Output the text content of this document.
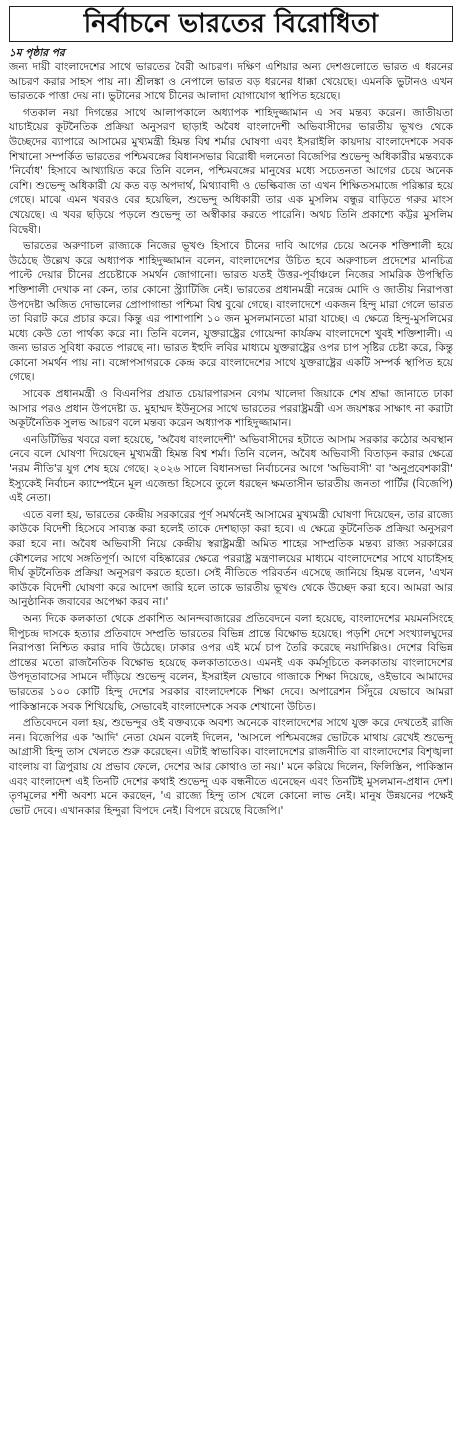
নির্বাচনে ভারতের বিরোধিতা
১ম পৃষ্ঠার পর

জন্য দায়ী বাংলাদেশের সাথে ভারতের বৈরী আচরণ। দক্ষিণ এশিয়ার অন্য দেশগুলোতে ভারত এ ধরনের আচরণ করার সাহস পায় না। শ্রীলঙ্কা ও নেপালে ভারত বড় ধরনের ধাক্কা খেয়েছে। এমনকি ভুটানও এখন ভারতকে পাত্তা দেয় না। ভুটানের সাথে চীনের আলাদা যোগাযোগ স্থাপিত হয়েছে।

গতকাল নয়া দিগন্তের সাথে আলাপকালে অধ্যাপক শাহিদুজ্জামান এ সব মন্তব্য করেন। জাতীয়তা যাচাইয়ের কূটনৈতিক প্রক্রিয়া অনুসরণ ছাড়াই অবৈধ বাংলাদেশী অভিবাসীদের ভারতীয় ভূখণ্ড থেকে উচ্ছেদের ব্যাপারে আসামের মুখ্যমন্ত্রী হিমন্ত বিশ্ব শর্মার ঘোষণা এবং ইসরাইলি কায়দায় বাংলাদেশকে সবক শিখানো সম্পর্কিত ভারতের পশ্চিমবঙ্গের বিধানসভার বিরোধী দলনেতা বিজেপির শুভেন্দু অধিকারীর মন্তব্যকে 'নির্বোধ' হিসাবে আখ্যায়িত করে তিনি বলেন, পশ্চিমবঙ্গের মানুষের মধ্যে সচেতনতা আগের চেয়ে অনেক বেশি। শুভেন্দু অধিকারী যে কত বড় অপদার্থ, মিথ্যাবাদী ও ভেল্কিবাজ তা এখন শিক্ষিতসমাজে পরিষ্কার হয়ে গেছে। মাঝে এমন খবরও বের হয়েছিল, শুভেন্দু অধিকারী তার এক মুসলিম বন্ধুর বাড়িতে গরুর মাংস খেয়েছে। এ খবর ছড়িয়ে পড়লে শুভেন্দু তা অস্বীকার করতে পারেনি। অথচ তিনি প্রকাশ্যে কট্টর মুসলিম বিদ্বেষী।

ভারতের অরুণাচল রাজ্যকে নিজের ভূখণ্ড হিসাবে চীনের দাবি আগের চেয়ে অনেক শক্তিশালী হয়ে উঠেছে উল্লেখ করে অধ্যাপক শাহিদুজ্জামান বলেন, বাংলাদেশের উচিত হবে অরুণাচল প্রদেশের মানচিত্র পাল্টে দেয়ার চীনের প্রচেষ্টাকে সমর্থন জোগানো। ভারত যতই উত্তর-পূর্বাঞ্চলে নিজের সামরিক উপস্থিতি শক্তিশালী দেখাক না কেন, তার কোনো স্ট্র্যাটিজি নেই। ভারতের প্রধানমন্ত্রী নরেন্দ্র মোদি ও জাতীয় নিরাপত্তা উপদেষ্টা অজিত দোভালের প্রোপাগান্ডা পশ্চিমা বিশ্ব বুঝে গেছে। বাংলাদেশে একজন হিন্দু মারা গেলে ভারত তা বিরাট করে প্রচার করে। কিন্তু এর পাশাপাশি ১০ জন মুসলমানতো মারা যাচ্ছে। এ ক্ষেত্রে হিন্দু-মুসলিমের মধ্যে কেউ তো পার্থক্য করে না। তিনি বলেন, যুক্তরাষ্ট্রের গোয়েন্দা কার্যক্রম বাংলাদেশে খুবই শক্তিশালী। এ জন্য ভারত সুবিধা করতে পারছে না। ভারত ইহুদি লবির মাধ্যমে যুক্তরাষ্ট্রের ওপর চাপ সৃষ্টির চেষ্টা করে, কিন্তু কোনো সমর্থন পায় না। বঙ্গোপসাগরকে কেন্দ্র করে বাংলাদেশের সাথে যুক্তরাষ্ট্রের একটি সম্পর্ক স্থাপিত হয়ে গেছে।

সাবেক প্রধানমন্ত্রী ও বিএনপির প্রয়াত চেয়ারপারসন বেগম খালেদা জিয়াকে শেষ শ্রদ্ধা জানাতে ঢাকা আসার পরও প্রধান উপদেষ্টা ড. মুহাম্মদ ইউনূসের সাথে ভারতের পররাষ্ট্রমন্ত্রী এস জয়শঙ্কর সাক্ষাৎ না করাটা অকূটনৈতিক সুলভ আচরণ বলে মন্তব্য করেন অধ্যাপক শাহিদুজ্জামান।

এনডিটিভির খবরে বলা হয়েছে, 'অবৈধ বাংলাদেশী' অভিবাসীদের হটাতে আসাম সরকার কঠোর অবস্থান নেবে বলে ঘোষণা দিয়েছেন মুখ্যমন্ত্রী হিমন্ত বিশ্ব শর্মা। তিনি বলেন, অবৈধ অভিবাসী বিতাড়ন করার ক্ষেত্রে 'নরম নীতি'র যুগ শেষ হয়ে গেছে। ২০২৬ সালে বিধানসভা নির্বাচনের আগে 'অভিবাসী' বা 'অনুপ্রবেশকারী' ইস্যুকেই নির্বাচন ক্যাম্পেইনে মূল এজেন্ডা হিসেবে তুলে ধরছেন ক্ষমতাসীন ভারতীয় জনতা পার্টির (বিজেপি) এই নেতা।

এতে বলা হয়, ভারতের কেন্দ্রীয় সরকারের পূর্ণ সমর্থনেই আসামের মুখ্যমন্ত্রী ঘোষণা দিয়েছেন, তার রাজ্যে কাউকে বিদেশী হিসেবে সাব্যস্ত করা হলেই তাকে দেশছাড়া করা হবে। এ ক্ষেত্রে কূটনৈতিক প্রক্রিয়া অনুসরণ করা হবে না। অবৈধ অভিবাসী নিয়ে কেন্দ্রীয় স্বরাষ্ট্রমন্ত্রী অমিত শাহের সাম্প্রতিক মন্তব্য রাজ্য সরকারের কৌশলের সাথে সঙ্গতিপূর্ণ। আগে বহিষ্কারের ক্ষেত্রে পররাষ্ট্র মন্ত্রণালয়ের মাধ্যমে বাংলাদেশের সাথে যাচাইসহ দীর্ঘ কূটনৈতিক প্রক্রিয়া অনুসরণ করতে হতো। সেই নীতিতে পরিবর্তন এসেছে জানিয়ে হিমন্ত বলেন, 'এখন কাউকে বিদেশী ঘোষণা করে আদেশ জারি হলে তাকে ভারতীয় ভূখণ্ড থেকে উচ্ছেদ করা হবে। আমরা আর আনুষ্ঠানিক জবাবের অপেক্ষা করব না।'

অন্য দিকে কলকাতা থেকে প্রকাশিত আনন্দবাজারের প্রতিবেদনে বলা হয়েছে, বাংলাদেশের ময়মনসিংহে দীপুচন্দ্র দাসকে হত্যার প্রতিবাদে সম্প্রতি ভারতের বিভিন্ন প্রান্তে বিক্ষোভ হয়েছে। পড়শি দেশে সংখ্যালঘুদের নিরাপত্তা নিশ্চিত করার দাবি উঠেছে। ঢাকার ওপর এই মর্মে চাপ তৈরি করেছে নয়াদিল্লিও। দেশের বিভিন্ন প্রান্তের মতো রাজনৈতিক বিক্ষোভ হয়েছে কলকাতাতেও। এমনই এক কর্মসূচিতে কলকাতায় বাংলাদেশের উপদূতাবাসের সামনে দাঁড়িয়ে শুভেন্দু বলেন, ইসরাইল যেভাবে গাজাকে শিক্ষা দিয়েছে, ওইভাবে আমাদের ভারতের ১০০ কোটি হিন্দু দেশের সরকার বাংলাদেশকে শিক্ষা দেবে। অপারেশন সিঁদুরে যেভাবে আমরা পাকিস্তানকে সবক শিখিয়েছি, সেভাবেই বাংলাদেশকে সবক শেখানো উচিত।

প্রতিবেদনে বলা হয়, শুভেন্দুর ওই বক্তব্যকে অবশ্য অনেকে বাংলাদেশের সাথে যুক্ত করে দেখতেই রাজি নন। বিজেপির এক 'আদি' নেতা যেমন বলেই দিলেন, 'আসলে পশ্চিমবঙ্গের ভোটকে মাথায় রেখেই শুভেন্দু আগ্রাসী হিন্দু তাস খেলতে শুরু করেছেন। এটাই স্বাভাবিক। বাংলাদেশের রাজনীতি বা বাংলাদেশের বিশৃঙ্খলা বাংলায় বা ত্রিপুরায় যে প্রভাব ফেলে, দেশের আর কোথাও তা নয়।' মনে করিয়ে দিলেন, ফিলিস্তিন, পাকিস্তান এবং বাংলাদেশ এই তিনটি দেশের কথাই শুভেন্দু এক বন্ধনীতে এনেছেন এবং তিনটিই মুসলমান-প্রধান দেশ। তৃণমূলের শশী অবশ্য মনে করছেন, 'এ রাজ্যে হিন্দু তাস খেলে কোনো লাভ নেই। মানুষ উন্নয়নের পক্ষেই ভোট দেবে। এখানকার হিন্দুরা বিপদে নেই। বিপদে রয়েছে বিজেপি।'
